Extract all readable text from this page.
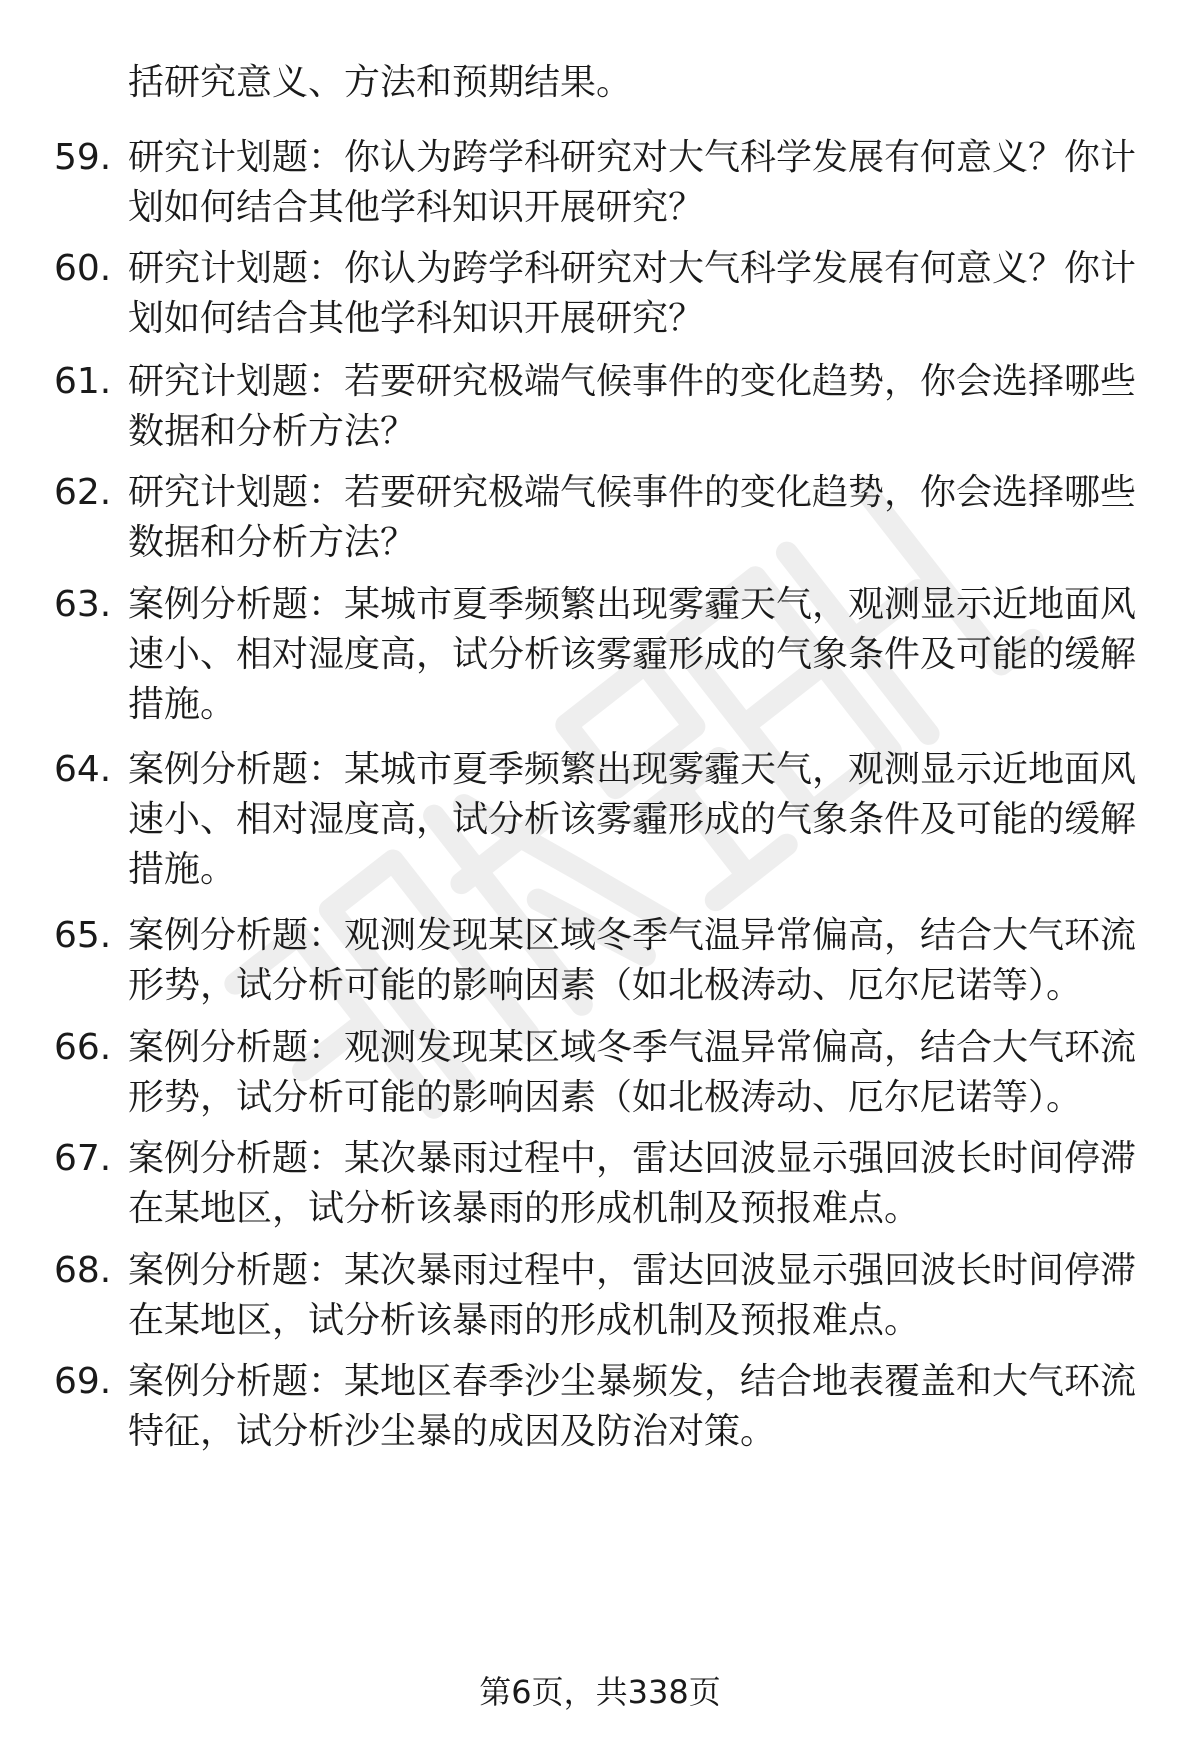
括研究意义、方法和预期结果。

59. 研究计划题：你认为跨学科研究对大气科学发展有何意义？你计划如何结合其他学科知识开展研究？

60. 研究计划题：你认为跨学科研究对大气科学发展有何意义？你计划如何结合其他学科知识开展研究？

61. 研究计划题：若要研究极端气候事件的变化趋势，你会选择哪些数据和分析方法？

62. 研究计划题：若要研究极端气候事件的变化趋势，你会选择哪些数据和分析方法？

63. 案例分析题：某城市夏季频繁出现雾霾天气，观测显示近地面风速小、相对湿度高，试分析该雾霾形成的气象条件及可能的缓解措施。

64. 案例分析题：某城市夏季频繁出现雾霾天气，观测显示近地面风速小、相对湿度高，试分析该雾霾形成的气象条件及可能的缓解措施。

65. 案例分析题：观测发现某区域冬季气温异常偏高，结合大气环流形势，试分析可能的影响因素（如北极涛动、厄尔尼诺等）。

66. 案例分析题：观测发现某区域冬季气温异常偏高，结合大气环流形势，试分析可能的影响因素（如北极涛动、厄尔尼诺等）。

67. 案例分析题：某次暴雨过程中，雷达回波显示强回波长时间停滞在某地区，试分析该暴雨的形成机制及预报难点。

68. 案例分析题：某次暴雨过程中，雷达回波显示强回波长时间停滞在某地区，试分析该暴雨的形成机制及预报难点。

69. 案例分析题：某地区春季沙尘暴频发，结合地表覆盖和大气环流特征，试分析沙尘暴的成因及防治对策。

第6页，共338页
